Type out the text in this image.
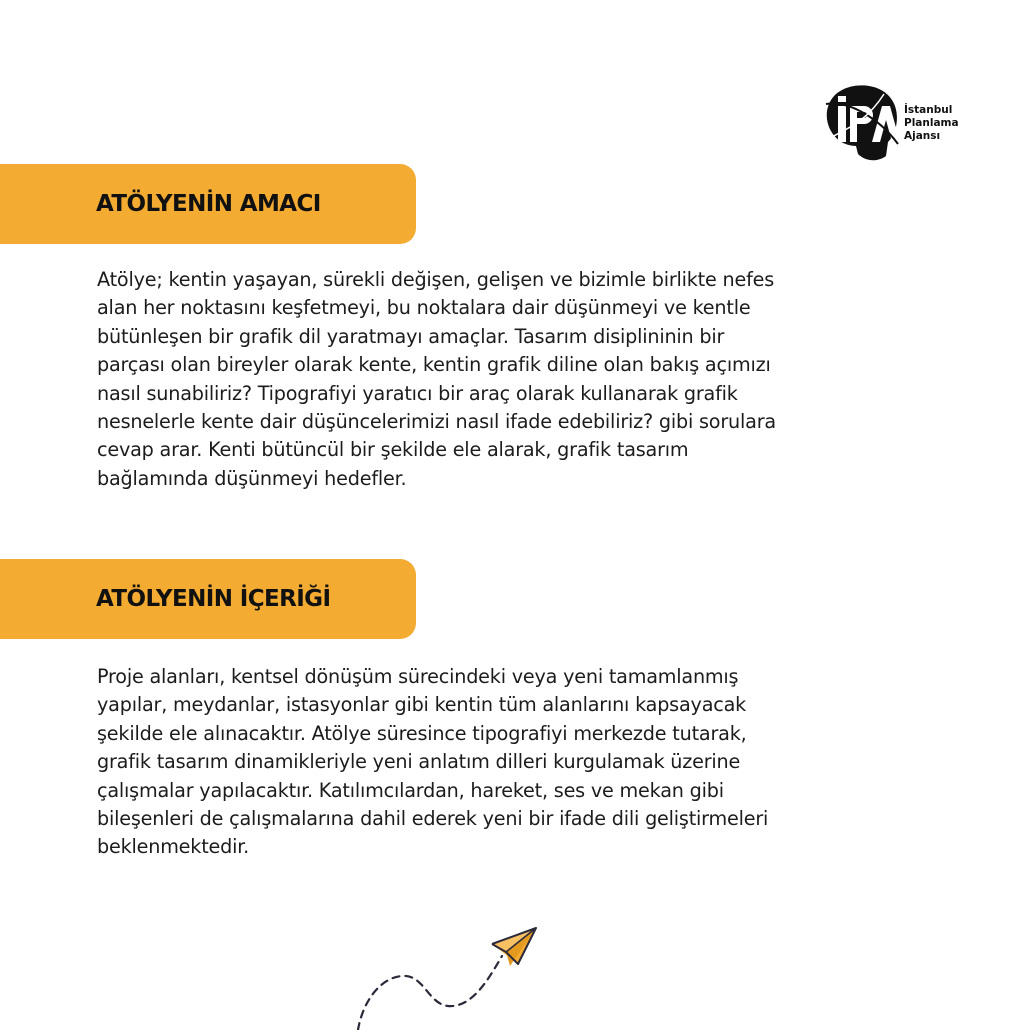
İstanbul
Planlama
Ajansı
ATÖLYENİN AMACI
Atölye; kentin yaşayan, sürekli değişen, gelişen ve bizimle birlikte nefes
alan her noktasını keşfetmeyi, bu noktalara dair düşünmeyi ve kentle
bütünleşen bir grafik dil yaratmayı amaçlar. Tasarım disiplininin bir
parçası olan bireyler olarak kente, kentin grafik diline olan bakış açımızı
nasıl sunabiliriz? Tipografiyi yaratıcı bir araç olarak kullanarak grafik
nesnelerle kente dair düşüncelerimizi nasıl ifade edebiliriz? gibi sorulara
cevap arar. Kenti bütüncül bir şekilde ele alarak, grafik tasarım
bağlamında düşünmeyi hedefler.
ATÖLYENİN İÇERİĞİ
Proje alanları, kentsel dönüşüm sürecindeki veya yeni tamamlanmış
yapılar, meydanlar, istasyonlar gibi kentin tüm alanlarını kapsayacak
şekilde ele alınacaktır. Atölye süresince tipografiyi merkezde tutarak,
grafik tasarım dinamikleriyle yeni anlatım dilleri kurgulamak üzerine
çalışmalar yapılacaktır. Katılımcılardan, hareket, ses ve mekan gibi
bileşenleri de çalışmalarına dahil ederek yeni bir ifade dili geliştirmeleri
beklenmektedir.
